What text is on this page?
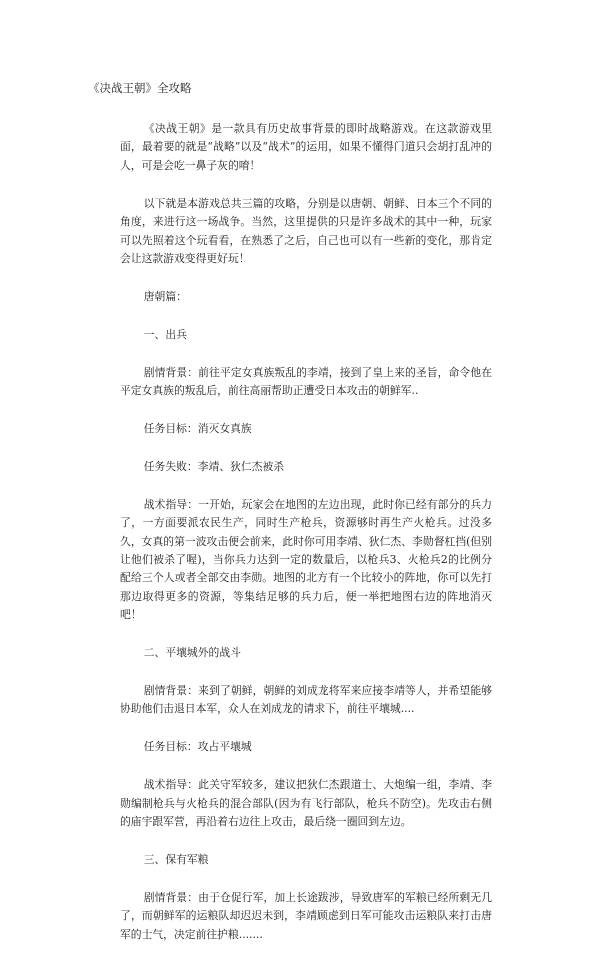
《决战王朝》全攻略

《决战王朝》是一款具有历史故事背景的即时战略游戏。在这款游戏里面，最着要的就是“战略”以及“战术”的运用，如果不懂得门道只会胡打乱冲的人，可是会吃一鼻子灰的唷！

以下就是本游戏总共三篇的攻略，分别是以唐朝、朝鲜、日本三个不同的角度，来进行这一场战争。当然，这里提供的只是许多战术的其中一种，玩家可以先照着这个玩看看，在熟悉了之后，自己也可以有一些新的变化，那肯定会让这款游戏变得更好玩！

唐朝篇：

一、出兵

剧情背景：前往平定女真族叛乱的李靖，接到了皇上来的圣旨，命令他在平定女真族的叛乱后，前往高丽帮助正遭受日本攻击的朝鲜军..

任务目标：消灭女真族

任务失败：李靖、狄仁杰被杀

战术指导：一开始，玩家会在地图的左边出现，此时你已经有部分的兵力了，一方面要派农民生产，同时生产枪兵，资源够时再生产火枪兵。过没多久，女真的第一波攻击便会前来，此时你可用李靖、狄仁杰、李勋督杠挡(但别让他们被杀了喔)，当你兵力达到一定的数量后，以枪兵3、火枪兵2的比例分配给三个人或者全部交由李勋。地图的北方有一个比较小的阵地，你可以先打那边取得更多的资源，等集结足够的兵力后，便一举把地图右边的阵地消灭吧！

二、平壤城外的战斗

剧情背景：来到了朝鲜，朝鲜的刘成龙将军来应接李靖等人，并希望能够协助他们击退日本军，众人在刘成龙的请求下，前往平壤城....

任务目标：攻占平壤城

战术指导：此关守军较多，建议把狄仁杰跟道士、大炮编一组，李靖、李勋编制枪兵与火枪兵的混合部队(因为有飞行部队，枪兵不防空)。先攻击右侧的庙宇跟军营，再沿着右边往上攻击，最后绕一圈回到左边。

三、保有军粮

剧情背景：由于仓促行军，加上长途跋涉，导致唐军的军粮已经所剩无几了，而朝鲜军的运粮队却迟迟未到，李靖顾虑到日军可能攻击运粮队来打击唐军的士气，决定前往护粮.......
